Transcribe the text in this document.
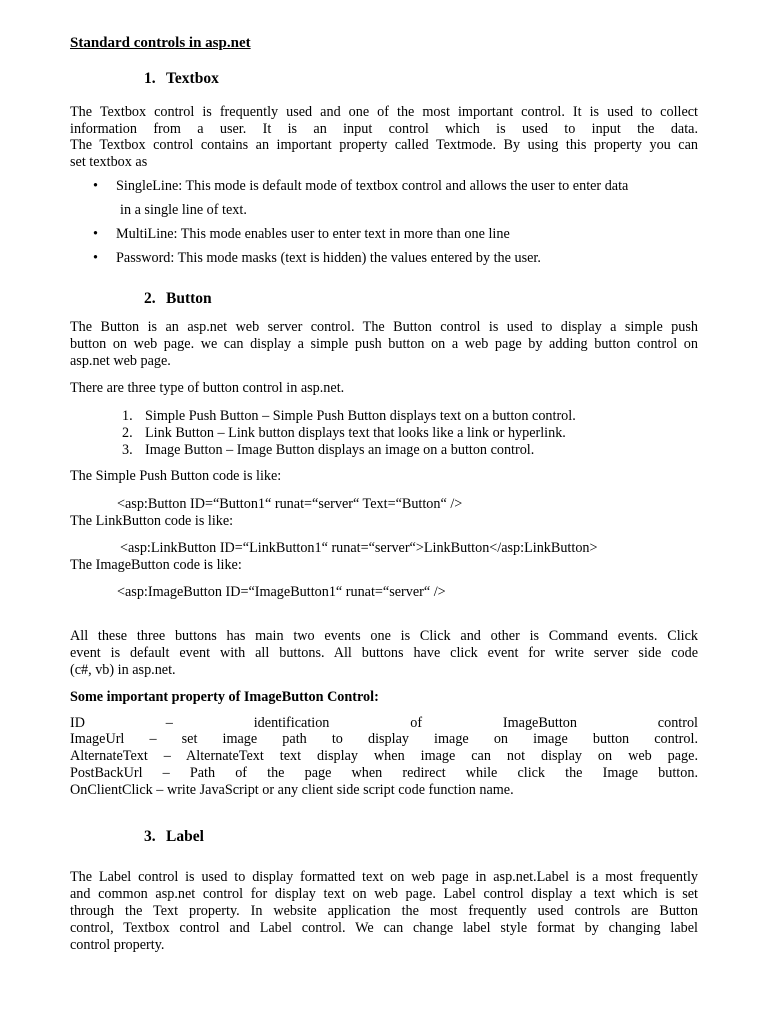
Standard controls in asp.net
1. Textbox
The Textbox control is frequently used and one of the most important control. It is used to collect
information from a user. It is an input control which is used to input the data.
The Textbox control contains an important property called Textmode. By using this property you can
set textbox as
• SingleLine: This mode is default mode of textbox control and allows the user to enter data
in a single line of text.
• MultiLine: This mode enables user to enter text in more than one line
• Password: This mode masks (text is hidden) the values entered by the user.
2. Button
The Button is an asp.net web server control. The Button control is used to display a simple push
button on web page. we can display a simple push button on a web page by adding button control on
asp.net web page.
There are three type of button control in asp.net.
1. Simple Push Button – Simple Push Button displays text on a button control.
2. Link Button – Link button displays text that looks like a link or hyperlink.
3. Image Button – Image Button displays an image on a button control.
The Simple Push Button code is like:
<asp:Button ID=“Button1“ runat=“server“ Text=“Button“ />
The LinkButton code is like:
<asp:LinkButton ID=“LinkButton1“ runat=“server“>LinkButton</asp:LinkButton>
The ImageButton code is like:
<asp:ImageButton ID=“ImageButton1“ runat=“server“ />
All these three buttons has main two events one is Click and other is Command events. Click
event is default event with all buttons. All buttons have click event for write server side code
(c#, vb) in asp.net.
Some important property of ImageButton Control:
ID – identification of ImageButton control
ImageUrl – set image path to display image on image button control.
AlternateText – AlternateText text display when image can not display on web page.
PostBackUrl – Path of the page when redirect while click the Image button.
OnClientClick – write JavaScript or any client side script code function name.
3. Label
The Label control is used to display formatted text on web page in asp.net.Label is a most frequently
and common asp.net control for display text on web page. Label control display a text which is set
through the Text property. In website application the most frequently used controls are Button
control, Textbox control and Label control. We can change label style format by changing label
control property.
